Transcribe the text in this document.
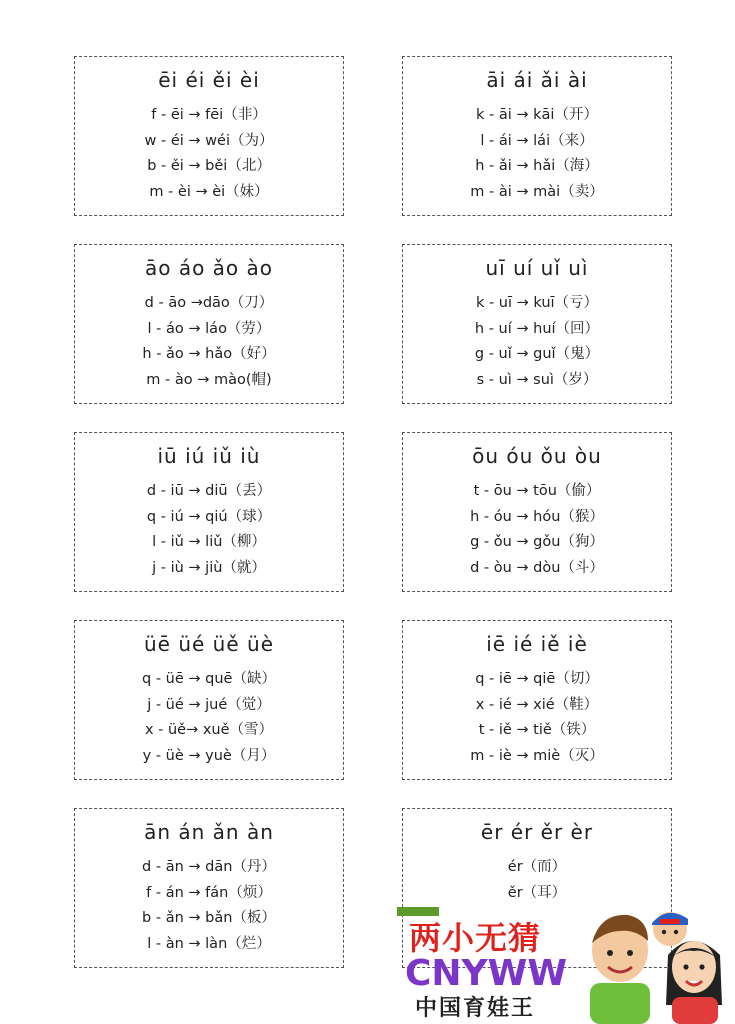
ēi éi ěi èi
f - ēi → fēi（非）
w - éi → wéi（为）
b - ěi → běi（北）
m - èi → èi（妹）
āo áo ǎo ào
d - āo →dāo（刀）
l - áo → láo（劳）
h - ǎo → hǎo（好）
m - ào → mào(帽)
iū iú iǔ iù
d - iū → diū（丢）
q - iú → qiú（球）
l - iǔ → liǔ（柳）
j - iù → jiù（就）
üē üé üě üè
q - üē → quē（缺）
j - üé → jué（觉）
x - üě→ xuě（雪）
y - üè → yuè（月）
ān án ǎn àn
d - ān → dān（丹）
f - án → fán（烦）
b - ǎn → bǎn（板）
l - àn → làn（烂）
āi ái ǎi ài
k - āi → kāi（开）
l - ái → lái（来）
h - ǎi → hǎi（海）
m - ài → mài（卖）
uī uí uǐ uì
k - uī → kuī（亏）
h - uí → huí（回）
g - uǐ → guǐ（鬼）
s - uì → suì（岁）
ōu óu ǒu òu
t - ōu → tōu（偷）
h - óu → hóu（猴）
g - ǒu → gǒu（狗）
d - òu → dòu（斗）
iē ié iě iè
q - iē → qiē（切）
x - ié → xié（鞋）
t - iě → tiě（铁）
m - iè → miè（灭）
ēr ér ěr èr
ér（而）
ěr（耳）
两小无猜
CNYWW
中国育娃王
